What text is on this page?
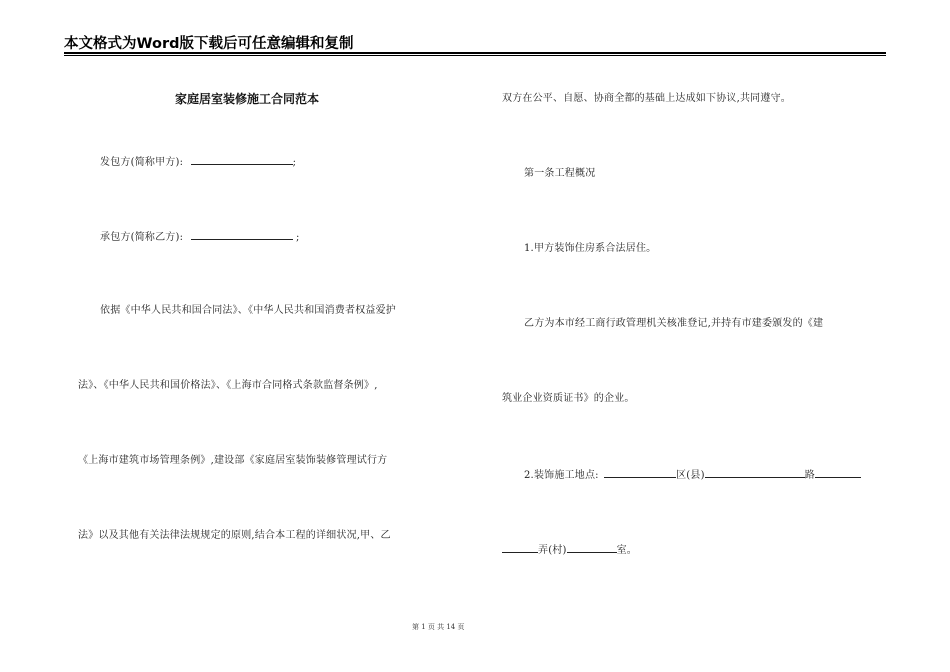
本文格式为Word版下载后可任意编辑和复制
家庭居室装修施工合同范本
发包方(简称甲方):	;
承包方(简称乙方):	;
依据《中华人民共和国合同法》、《中华人民共和国消费者权益爱护
法》、《中华人民共和国价格法》、《上海市合同格式条款监督条例》,
《上海市建筑市场管理条例》,建设部《家庭居室装饰装修管理试行方
法》以及其他有关法律法规规定的原则,结合本工程的详细状况,甲、乙
双方在公平、自愿、协商全都的基础上达成如下协议,共同遵守。
第一条工程概况
1.甲方装饰住房系合法居住。
乙方为本市经工商行政管理机关核准登记,并持有市建委颁发的《建
筑业企业资质证书》的企业。
2.装饰施工地点:	区(县)	路
弄(村)	室。
第 1 页 共 14 页
